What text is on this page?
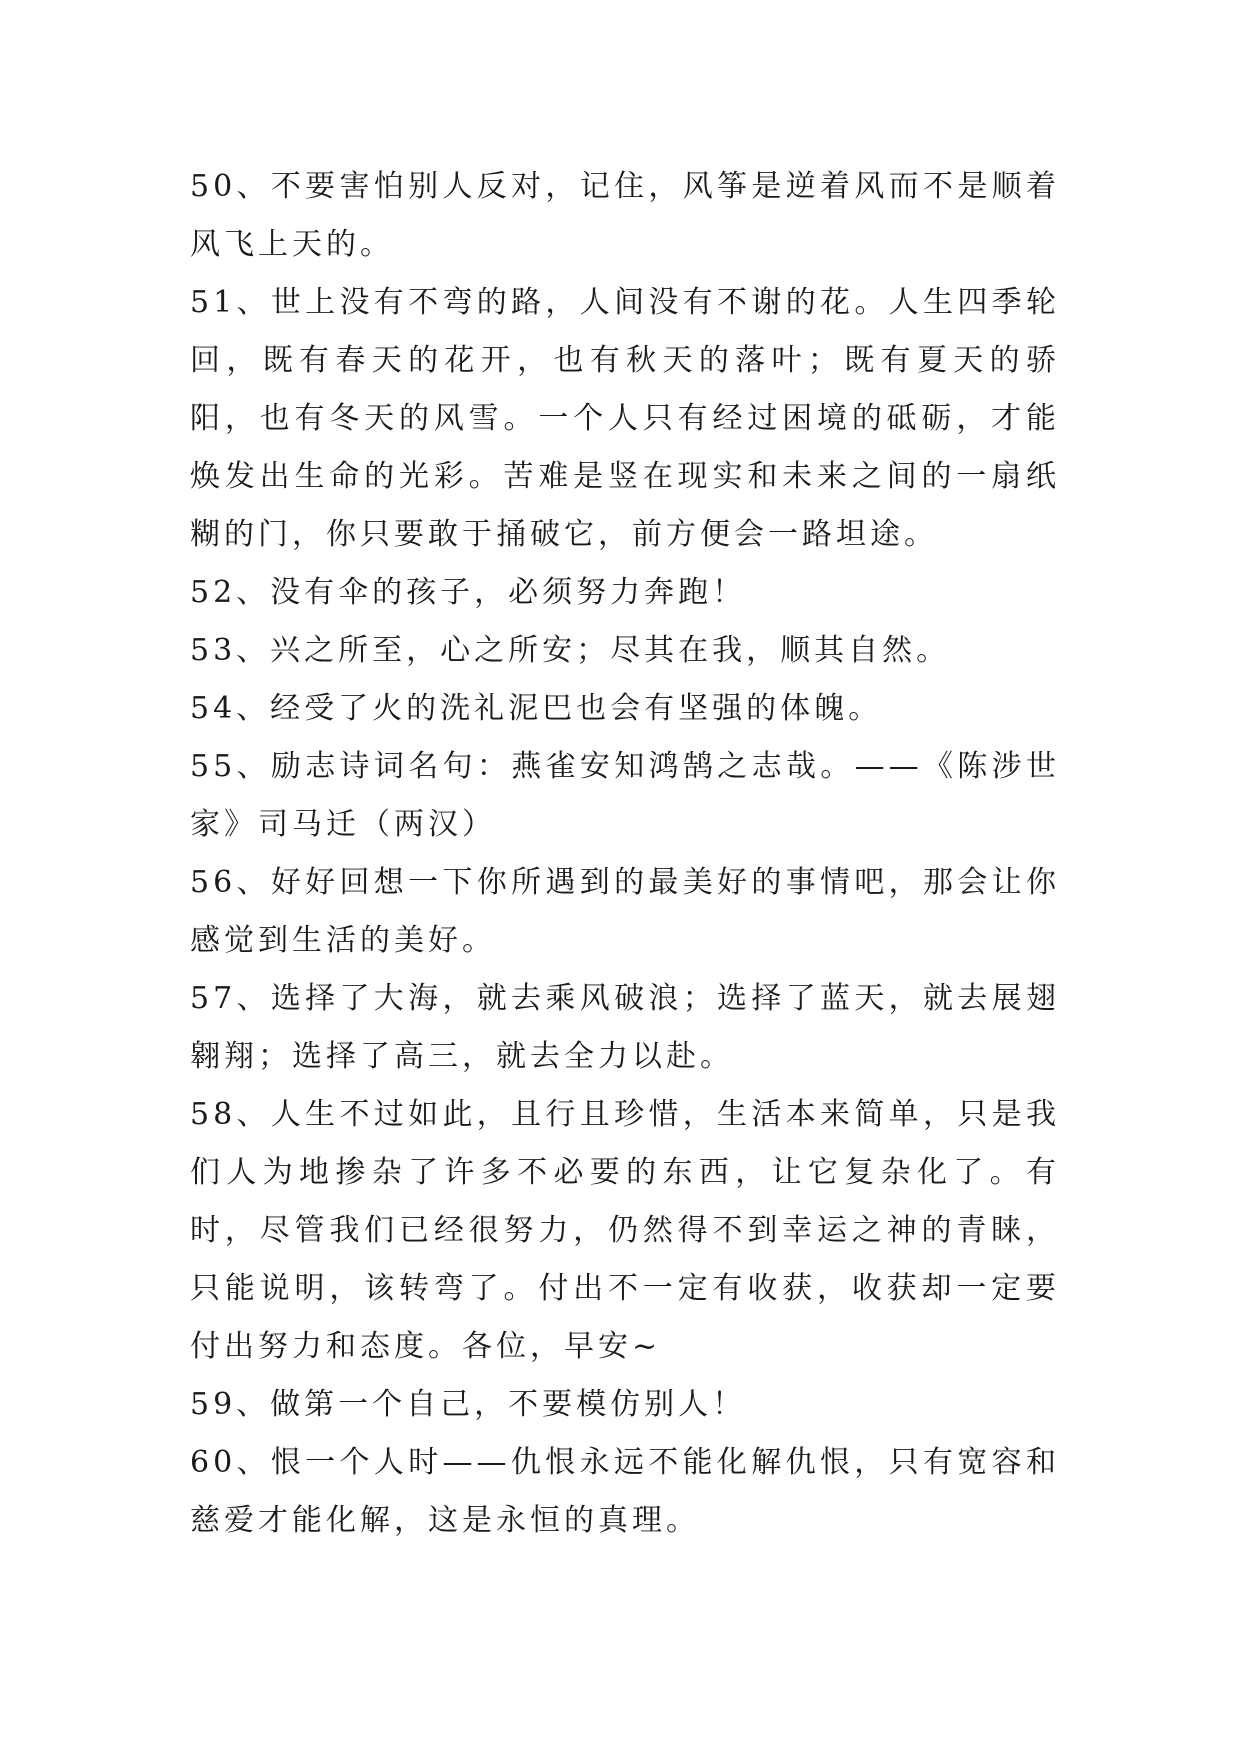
50、不要害怕别人反对，记住，风筝是逆着风而不是顺着风飞上天的。

51、世上没有不弯的路，人间没有不谢的花。人生四季轮回，既有春天的花开，也有秋天的落叶；既有夏天的骄阳，也有冬天的风雪。一个人只有经过困境的砥砺，才能焕发出生命的光彩。苦难是竖在现实和未来之间的一扇纸糊的门，你只要敢于捅破它，前方便会一路坦途。

52、没有伞的孩子，必须努力奔跑！

53、兴之所至，心之所安；尽其在我，顺其自然。

54、经受了火的洗礼泥巴也会有坚强的体魄。

55、励志诗词名句：燕雀安知鸿鹄之志哉。——《陈涉世家》司马迁（两汉）

56、好好回想一下你所遇到的最美好的事情吧，那会让你感觉到生活的美好。

57、选择了大海，就去乘风破浪；选择了蓝天，就去展翅翱翔；选择了高三，就去全力以赴。

58、人生不过如此，且行且珍惜，生活本来简单，只是我们人为地掺杂了许多不必要的东西，让它复杂化了。有时，尽管我们已经很努力，仍然得不到幸运之神的青睐，只能说明，该转弯了。付出不一定有收获，收获却一定要付出努力和态度。各位，早安~

59、做第一个自己，不要模仿别人！

60、恨一个人时——仇恨永远不能化解仇恨，只有宽容和慈爱才能化解，这是永恒的真理。
